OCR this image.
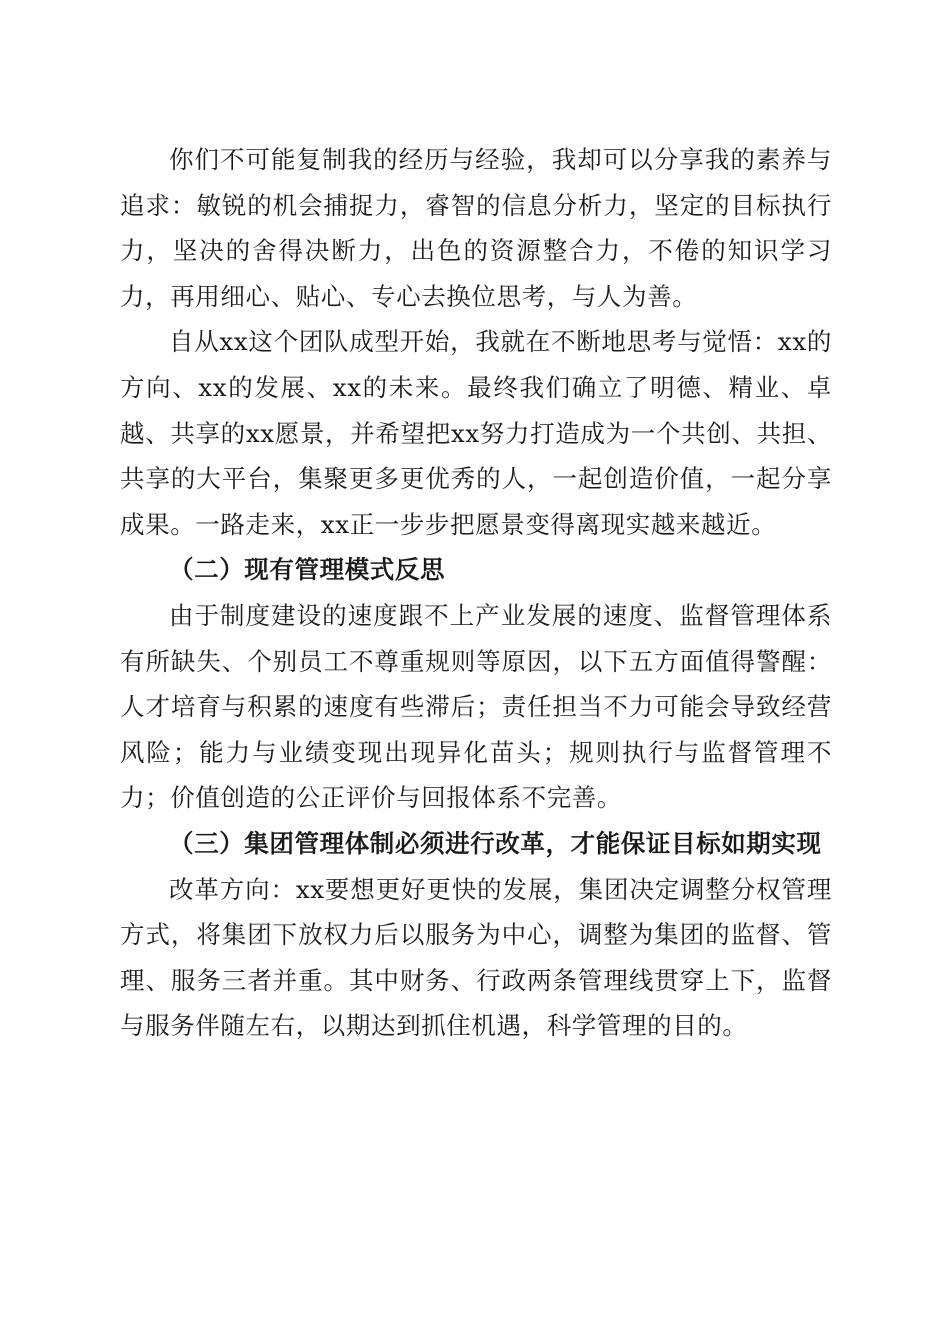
你们不可能复制我的经历与经验，我却可以分享我的素养与追求：敏锐的机会捕捉力，睿智的信息分析力，坚定的目标执行力，坚决的舍得决断力，出色的资源整合力，不倦的知识学习力，再用细心、贴心、专心去换位思考，与人为善。

自从xx这个团队成型开始，我就在不断地思考与觉悟：xx的方向、xx的发展、xx的未来。最终我们确立了明德、精业、卓越、共享的xx愿景，并希望把xx努力打造成为一个共创、共担、共享的大平台，集聚更多更优秀的人，一起创造价值，一起分享成果。一路走来，xx正一步步把愿景变得离现实越来越近。

（二）现有管理模式反思

由于制度建设的速度跟不上产业发展的速度、监督管理体系有所缺失、个别员工不尊重规则等原因，以下五方面值得警醒：人才培育与积累的速度有些滞后；责任担当不力可能会导致经营风险；能力与业绩变现出现异化苗头；规则执行与监督管理不力；价值创造的公正评价与回报体系不完善。

（三）集团管理体制必须进行改革，才能保证目标如期实现

改革方向：xx要想更好更快的发展，集团决定调整分权管理方式，将集团下放权力后以服务为中心，调整为集团的监督、管理、服务三者并重。其中财务、行政两条管理线贯穿上下，监督与服务伴随左右，以期达到抓住机遇，科学管理的目的。
